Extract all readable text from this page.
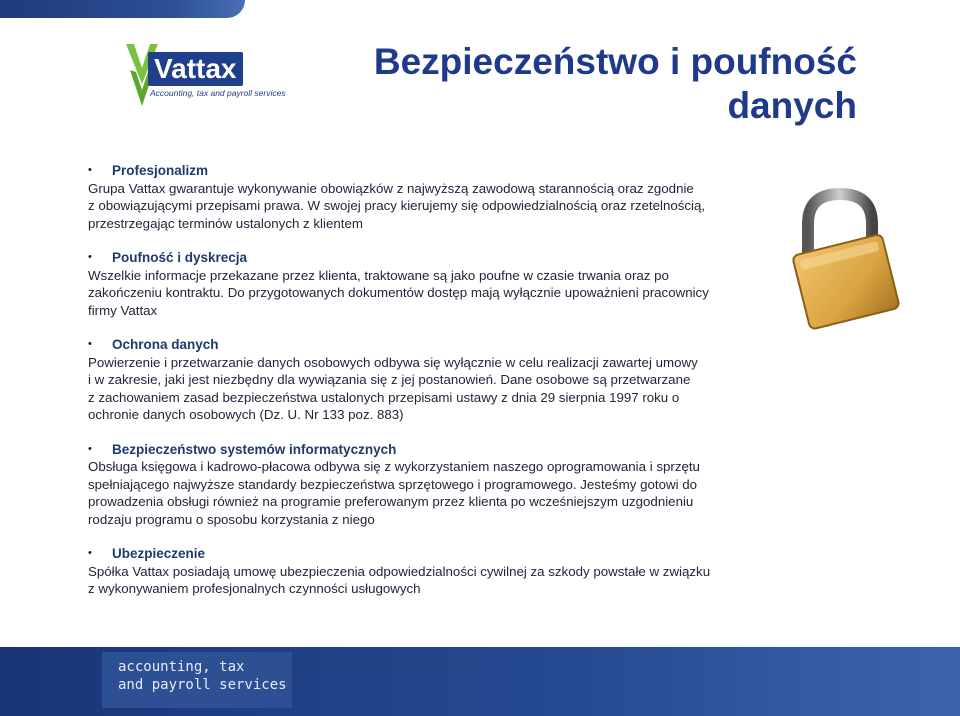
Vattax
Accounting, tax and payroll services
Bezpieczeństwo i poufność
danych
•	Profesjonalizm

Grupa Vattax gwarantuje wykonywanie obowiązków z najwyższą zawodową starannością oraz zgodnie

z obowiązującymi przepisami prawa. W swojej pracy kierujemy się odpowiedzialnością oraz rzetelnością,

przestrzegając terminów ustalonych z klientem

•	Poufność i dyskrecja

Wszelkie informacje przekazane przez klienta, traktowane są jako poufne w czasie trwania oraz po

zakończeniu kontraktu. Do przygotowanych dokumentów dostęp mają wyłącznie upoważnieni pracownicy

firmy Vattax

•	Ochrona danych

Powierzenie i przetwarzanie danych osobowych odbywa się wyłącznie w celu realizacji zawartej umowy

i w zakresie, jaki jest niezbędny dla wywiązania się z jej postanowień. Dane osobowe są przetwarzane

z zachowaniem zasad bezpieczeństwa ustalonych przepisami ustawy z dnia 29 sierpnia 1997 roku o

ochronie danych osobowych (Dz. U. Nr 133 poz. 883)

•	Bezpieczeństwo systemów informatycznych

Obsługa księgowa i kadrowo-płacowa odbywa się z wykorzystaniem naszego oprogramowania i sprzętu

spełniającego najwyższe standardy bezpieczeństwa sprzętowego i programowego. Jesteśmy gotowi do

prowadzenia obsługi również na programie preferowanym przez klienta po wcześniejszym uzgodnieniu

rodzaju programu o sposobu korzystania z niego

•	Ubezpieczenie

Spółka Vattax posiadają umowę ubezpieczenia odpowiedzialności cywilnej za szkody powstałe w związku

z wykonywaniem profesjonalnych czynności usługowych

accounting, tax
and payroll services
